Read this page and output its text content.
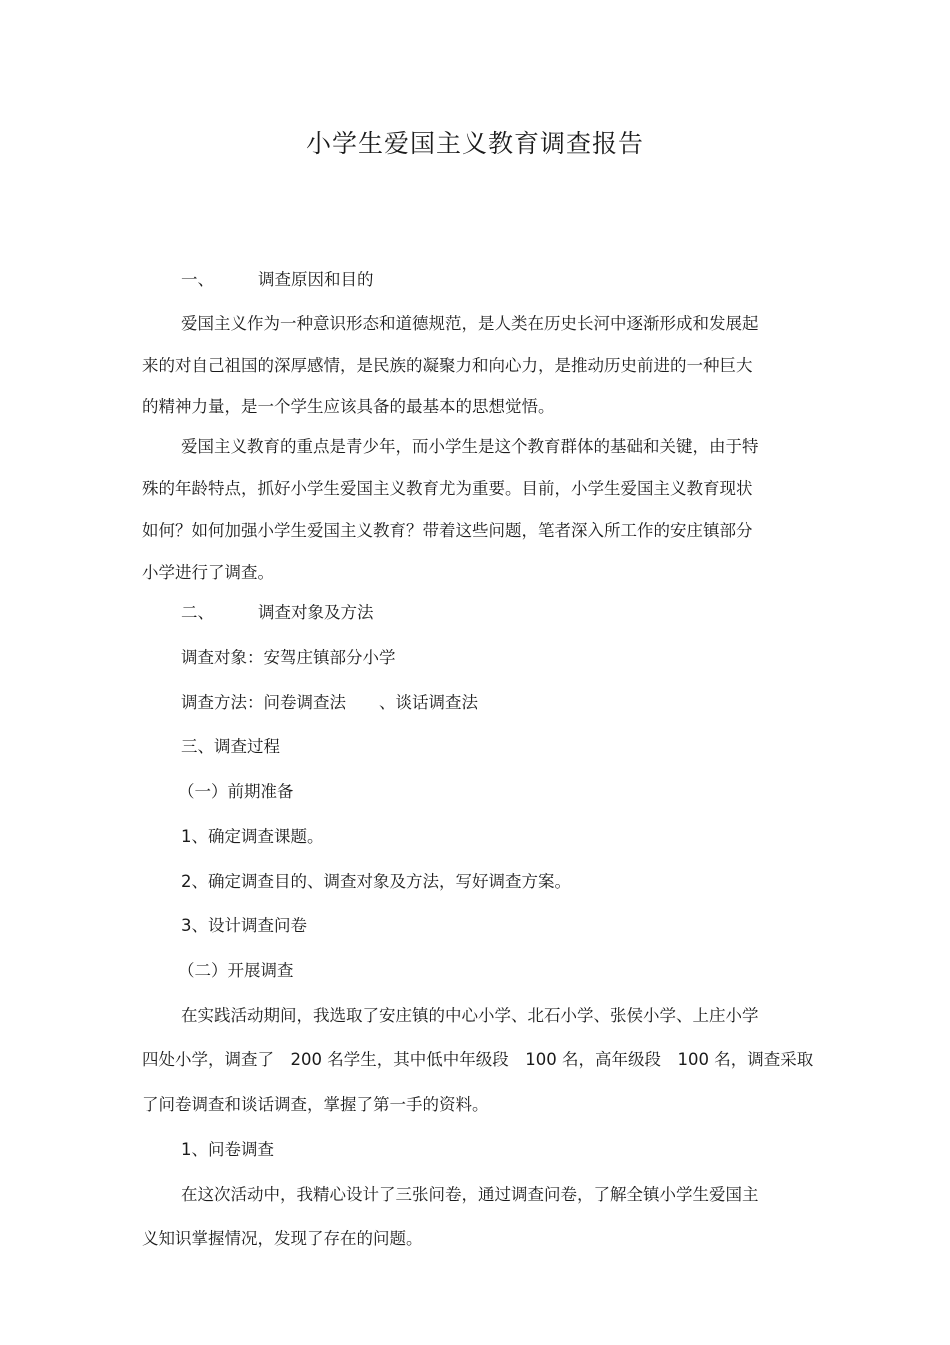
小学生爱国主义教育调查报告
一、	调查原因和目的
爱国主义作为一种意识形态和道德规范，是人类在历史长河中逐渐形成和发展起
来的对自己祖国的深厚感情，是民族的凝聚力和向心力，是推动历史前进的一种巨大
的精神力量，是一个学生应该具备的最基本的思想觉悟。
爱国主义教育的重点是青少年，而小学生是这个教育群体的基础和关键，由于特
殊的年龄特点，抓好小学生爱国主义教育尤为重要。目前，小学生爱国主义教育现状
如何？如何加强小学生爱国主义教育？带着这些问题，笔者深入所工作的安庄镇部分
小学进行了调查。
二、	调查对象及方法
调查对象：安驾庄镇部分小学
调查方法：问卷调查法　　、谈话调查法
三、调查过程
（一）前期准备
1、确定调查课题。
2、确定调查目的、调查对象及方法，写好调查方案。
3、设计调查问卷
（二）开展调查
在实践活动期间，我选取了安庄镇的中心小学、北石小学、张侯小学、上庄小学
四处小学，调查了　200 名学生，其中低中年级段　100 名，高年级段　100 名，调查采取
了问卷调查和谈话调查，掌握了第一手的资料。
1、问卷调查
在这次活动中，我精心设计了三张问卷，通过调查问卷，了解全镇小学生爱国主
义知识掌握情况，发现了存在的问题。
